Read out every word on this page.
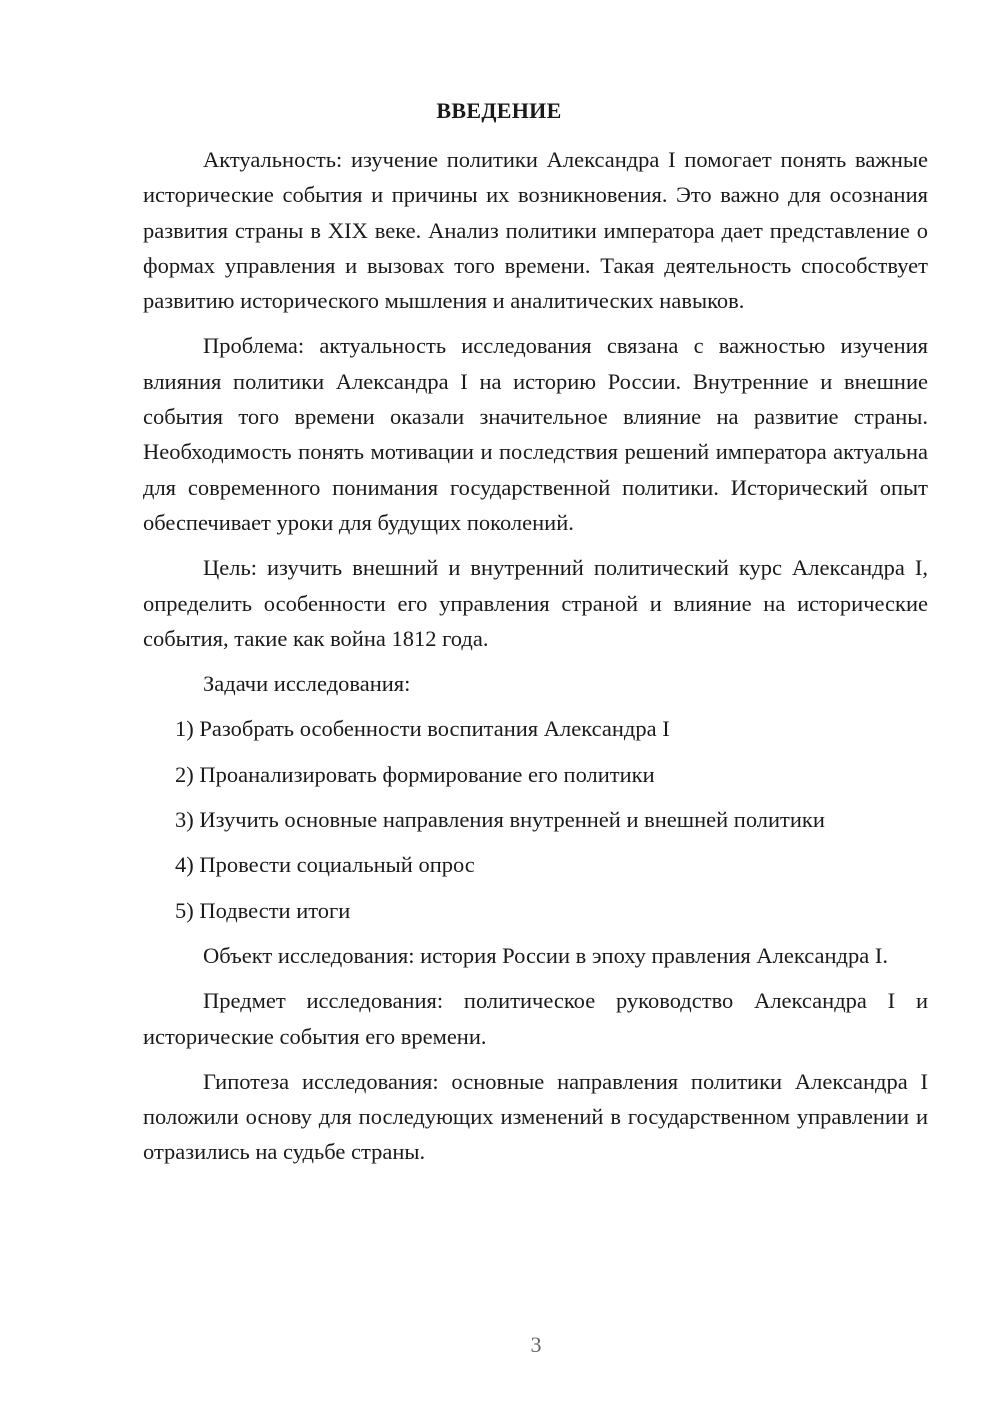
ВВЕДЕНИЕ

Актуальность: изучение политики Александра I помогает понять важные исторические события и причины их возникновения. Это важно для осознания развития страны в XIX веке. Анализ политики императора дает представление о формах управления и вызовах того времени. Такая деятельность способствует развитию исторического мышления и аналитических навыков.

Проблема: актуальность исследования связана с важностью изучения влияния политики Александра I на историю России. Внутренние и внешние события того времени оказали значительное влияние на развитие страны. Необходимость понять мотивации и последствия решений императора актуальна для современного понимания государственной политики. Исторический опыт обеспечивает уроки для будущих поколений.

Цель: изучить внешний и внутренний политический курс Александра I, определить особенности его управления страной и влияние на исторические события, такие как война 1812 года.

Задачи исследования:

1) Разобрать особенности воспитания Александра I

2) Проанализировать формирование его политики

3) Изучить основные направления внутренней и внешней политики

4) Провести социальный опрос

5) Подвести итоги

Объект исследования: история России в эпоху правления Александра I.

Предмет исследования: политическое руководство Александра I и исторические события его времени.

Гипотеза исследования: основные направления политики Александра I положили основу для последующих изменений в государственном управлении и отразились на судьбе страны.

3
